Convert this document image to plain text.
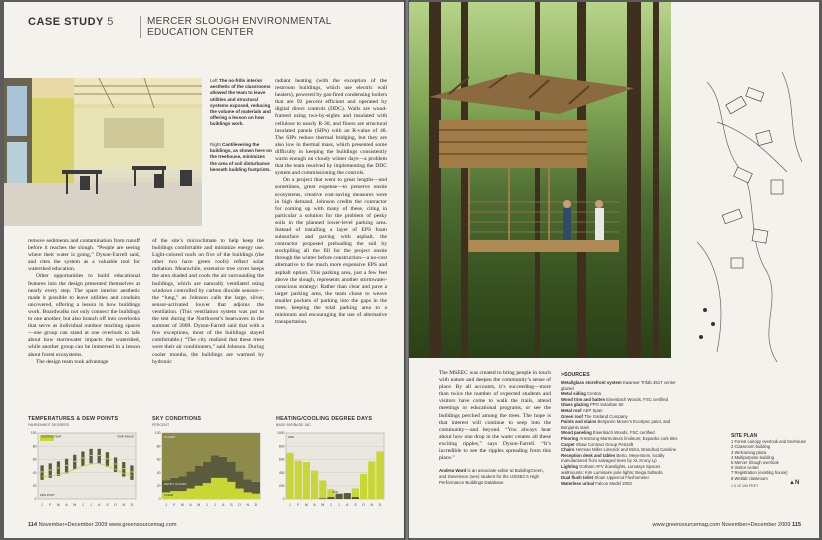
CASE STUDY 5	MERCER SLOUGH ENVIRONMENTAL EDUCATION CENTER
Left The no-frills interior aesthetic of the classrooms allowed the team to leave utilities and structural systems exposed, reducing the volume of materials and offering a lesson on how buildings work.
Right Cantilevering the buildings, as shown here on the treehouse, minimizes the area of soil disturbance beneath building footprints.

radiant heating (with the exception of the restroom buildings, which use electric wall heaters), powered by gas-fired condensing boilers that are 92 percent efficient and operated by digital direct controls (DDC). Walls are wood-framed using two-by-eights and insulated with cellulose to nearly R-30, and floors are structural insulated panels (SIPs) with an R-value of 48. The SIPs reduce thermal bridging, but they are also low in thermal mass, which presented some difficulty in keeping the buildings consistently warm enough on cloudy winter days—a problem that the team resolved by implementing the DDC system and commissioning the controls.

On a project that went to great lengths—and sometimes, great expense—to preserve onsite ecosystems, creative cost-saving measures were in high demand. Johnson credits the contractor for coming up with many of these, citing in particular a solution for the problem of pesky soils in the planned lower-level parking area. Instead of installing a layer of EPS foam subsurface and paving with asphalt, the contractor proposed preloading the soil by stockpiling all the fill for the project onsite through the winter before construction—a no-cost alternative to the much more expensive EPS and asphalt option. This parking area, just a few feet above the slough, represents another stormwater-conscious strategy: Rather than clear and pave a larger parking area, the team chose to weave smaller pockets of parking into the gaps in the trees, keeping the total parking area to a minimum and encouraging the use of alternative transportation.

remove sediments and contamination from runoff before it reaches the slough. “People are seeing where their water is going,” Dyson-Farrell said, and cites the system as a valuable tool for watershed education.

Other opportunities to build educational features into the design presented themselves at nearly every step. The spare interior aesthetic made it possible to leave utilities and conduits uncovered, offering a lesson in how buildings work. Boardwalks not only connect the buildings to one another, but also branch off into overlooks that serve as individual outdoor teaching spaces—one group can stand at one overlook to talk about how stormwater impacts the watershed, while another group can be immersed in a lesson about forest ecosystems.

The design team took advantage

of the site’s microclimate to help keep the buildings comfortable and minimize energy use. Light-colored roofs on five of the buildings (the other two have green roofs) reflect solar radiation. Meanwhile, extensive tree cover keeps the area shaded and cools the air surrounding the buildings, which are naturally ventilated using windows controlled by carbon dioxide sensors—the “lung,” as Johnson calls the large, silver, sensor-activated louver that adjoins the ventilation. (This ventilation system was put to the test during the Northwest’s heatwaves in the summer of 2009. Dyson-Farrell said that with a few exceptions, most of the buildings stayed comfortable.) “The city realized that these trees were their air conditioners,” said Johnson. During cooler months, the buildings are warmed by hydronic

TEMPERATURES & DEW POINTS
FAHRENHEIT DEGREES
0
20
40
60
80
100
J F M A M J J A S O N D
AVERAGE TEMP	TEMP RANGE
DEW POINT
SKY CONDITIONS
PERCENT
0
20
40
60
80
100
J F M A M J J A S O N D
CLOUDY
PARTLY CLOUDY
CLEAR
HEATING/COOLING DEGREE DAYS
BASE 65F/BASE 18C
0
200
400
600
800
1000
J F M A M J J A S O N D
HDD
CDD
114 November+December 2009 www.greensourcemag.com

The MSEEC was created to bring people in touch with nature and deepen the community’s sense of place. By all accounts, it’s succeeding—more than twice the number of expected students and visitors have come to walk the trails, attend meetings or educational programs, or see the buildings perched among the trees. The hope is that interest will continue to seep into the community—and beyond. “You always hear about how one drop in the water creates all these exciting ripples,” says Dyson-Farrell. “It’s incredible to see the ripples spreading from this place.”

Andrea Ward is an associate editor at BuildingGreen, and Stevenson (see) student for the USGBC’s High Performance Buildings Database.
>SOURCES
Metal/glass storefront system Kawneer Trifab 451T center glazed
Metal siding Centria
Wood trim and batten Eisenbach Woods, FSC certified
Glass glazing PPG Solarban 60
Metal roof AEP Span
Green roof The Garland Company
Paints and stains Benjamin Moore’s EcoSpec paint, and Benjamin stain
Wood paneling Eisenbach Woods, FSC certified
Flooring Armstrong Marmoleum linoleum; Expanko cork tiles
Carpet Shaw Contract Group Petcraft
Chairs Herman Miller Limerick and Mirra, Brandrud Caroline
Reception desk and tables Berto, Meyerstein, locally manufactured from salvaged trees by XL Krony Lp
Lighting Gotham AFV downlights, Lumasys Spaces wallmounts; Kim Luminaire pole lights; Beiga bollards
Dual flush toilet Sloan Uppercut Flushometer
Waterless urinal Falcon Model 2003
SITE PLAN
1 Forest canopy overlook and treehouse
2 Classroom building
3 Welcoming plaza
4 Multipurpose building
5 Mercer Slough overlook
6 Visitor center
7 Registration (existing house)
8 Wetlab classroom
1 0 10 100 FEET	▲N
www.greensourcemag.com November+December 2009 115
